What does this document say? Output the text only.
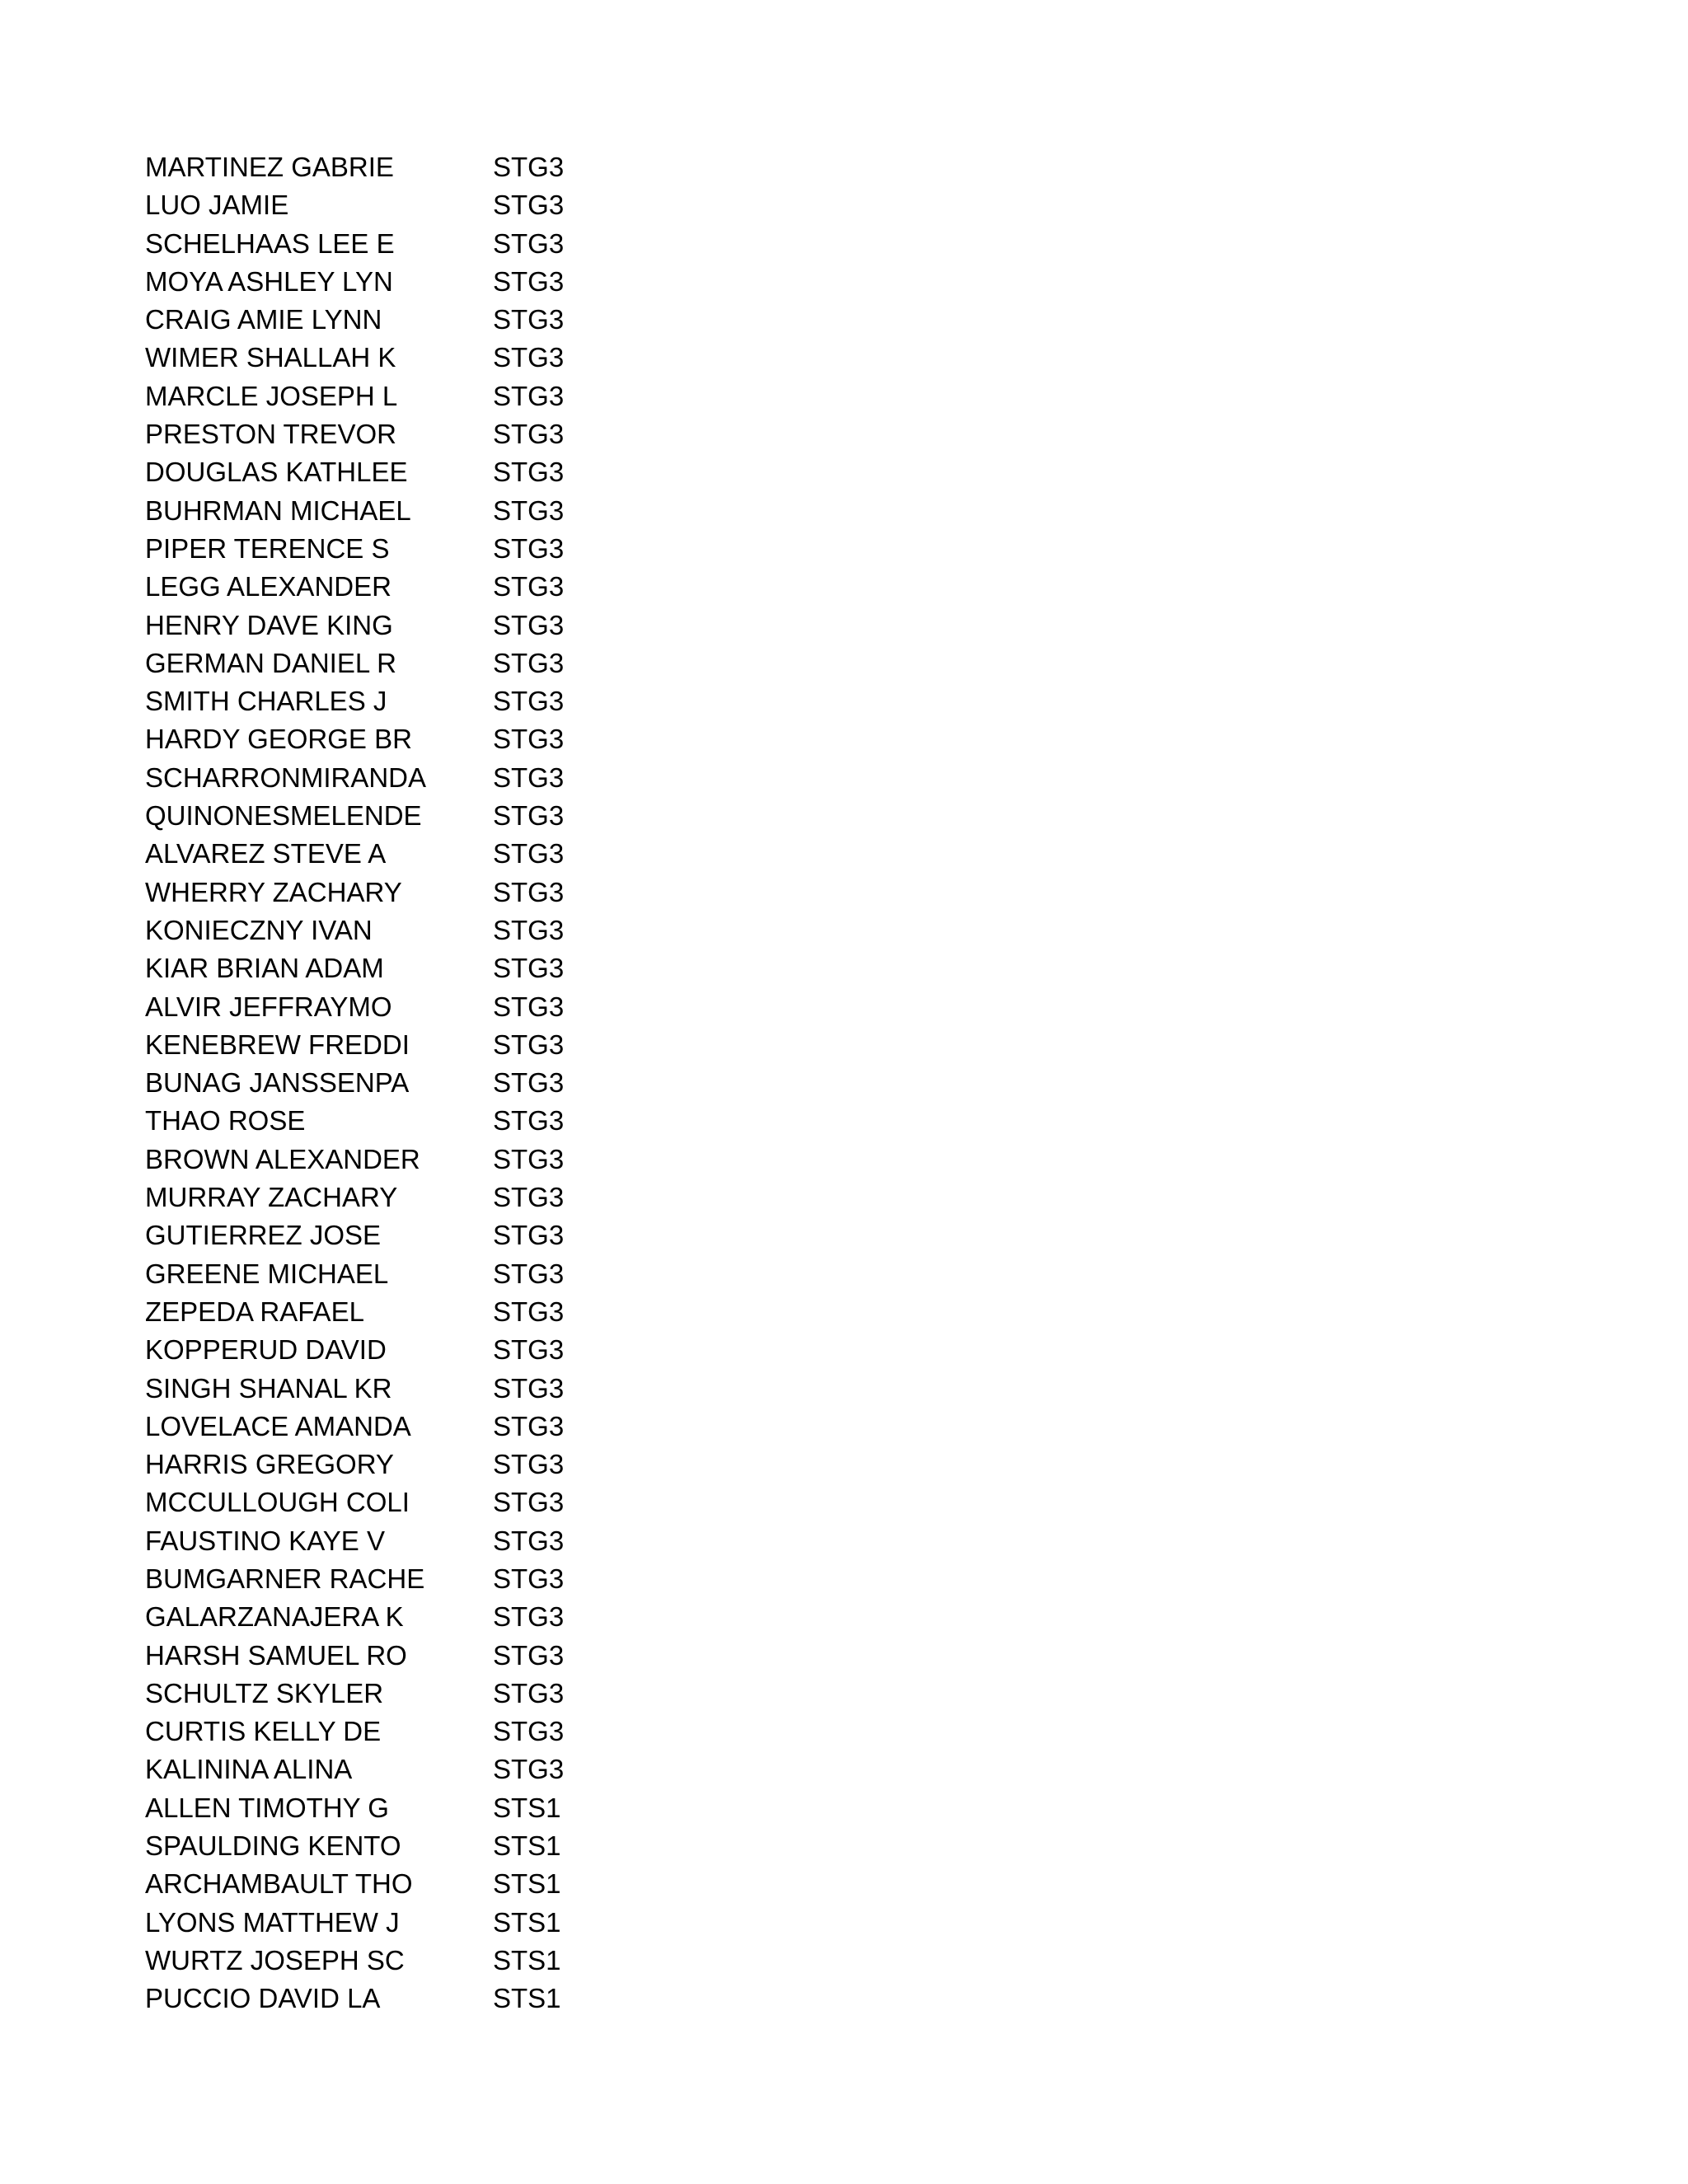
MARTINEZ GABRIE	STG3
LUO JAMIE	STG3
SCHELHAAS LEE E	STG3
MOYA ASHLEY LYN	STG3
CRAIG AMIE LYNN	STG3
WIMER SHALLAH K	STG3
MARCLE JOSEPH L	STG3
PRESTON TREVOR	STG3
DOUGLAS KATHLEE	STG3
BUHRMAN MICHAEL	STG3
PIPER TERENCE S	STG3
LEGG ALEXANDER	STG3
HENRY DAVE KING	STG3
GERMAN DANIEL R	STG3
SMITH CHARLES J	STG3
HARDY GEORGE BR	STG3
SCHARRONMIRANDA STG3
QUINONESMELENDE	STG3
ALVAREZ STEVE A	STG3
WHERRY ZACHARY	STG3
KONIECZNY IVAN	STG3
KIAR BRIAN ADAM	STG3
ALVIR JEFFRAYMO	STG3
KENEBREW FREDDI	STG3
BUNAG JANSSENPA	STG3
THAO ROSE	STG3
BROWN ALEXANDER	STG3
MURRAY ZACHARY	STG3
GUTIERREZ JOSE	STG3
GREENE MICHAEL	STG3
ZEPEDA RAFAEL	STG3
KOPPERUD DAVID	STG3
SINGH SHANAL KR	STG3
LOVELACE AMANDA	STG3
HARRIS GREGORY	STG3
MCCULLOUGH COLI	STG3
FAUSTINO KAYE V	STG3
BUMGARNER RACHE	STG3
GALARZANAJERA K	STG3
HARSH SAMUEL RO	STG3
SCHULTZ SKYLER	STG3
CURTIS KELLY DE	STG3
KALININA ALINA	STG3
ALLEN TIMOTHY G	STS1
SPAULDING KENTO	STS1
ARCHAMBAULT THO	STS1
LYONS MATTHEW J	STS1
WURTZ JOSEPH SC	STS1
PUCCIO DAVID LA	STS1
